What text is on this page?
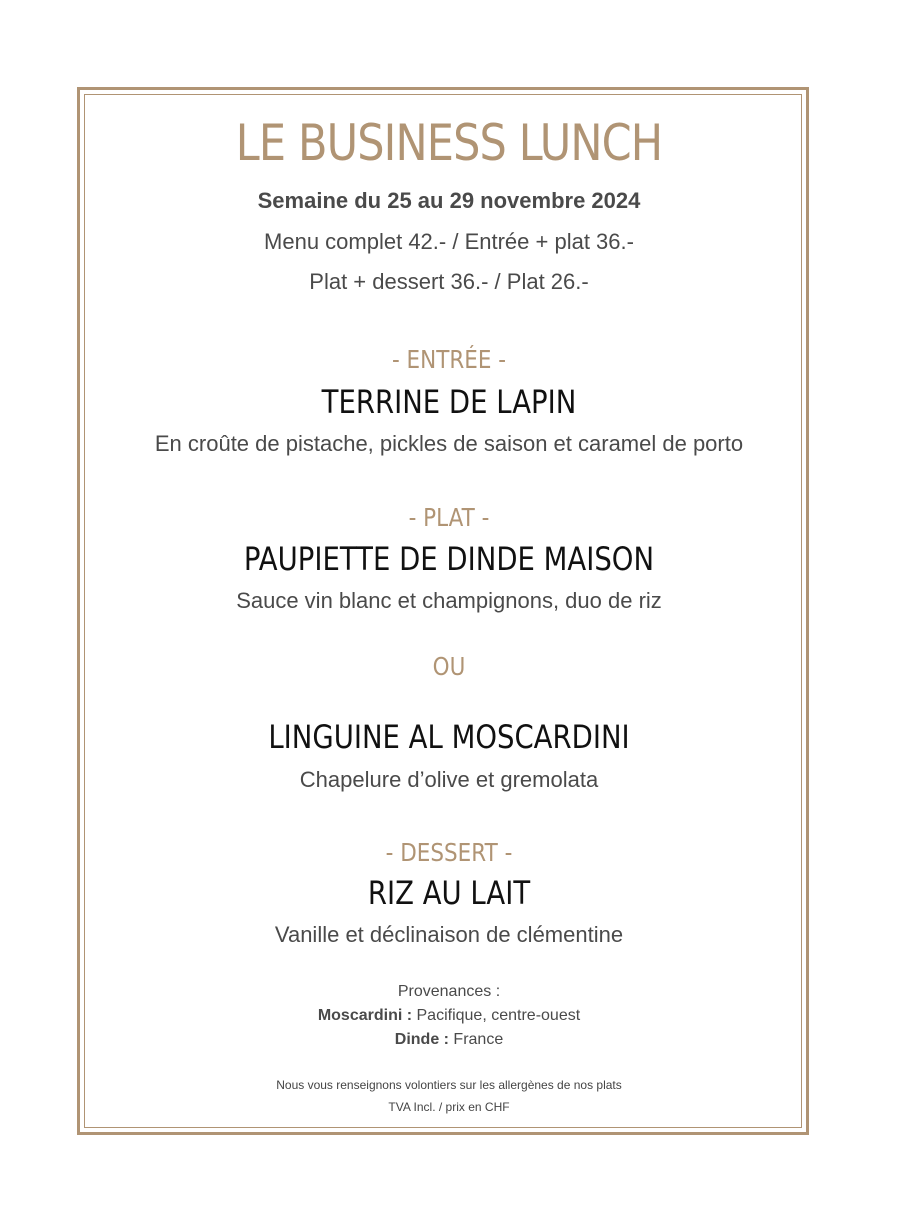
LE BUSINESS LUNCH
Semaine du 25 au 29 novembre 2024
Menu complet 42.- / Entrée + plat 36.-
Plat + dessert 36.- / Plat 26.-
- ENTRÉE -
TERRINE DE LAPIN
En croûte de pistache, pickles de saison et caramel de porto
- PLAT -
PAUPIETTE DE DINDE MAISON
Sauce vin blanc et champignons, duo de riz
OU
LINGUINE AL MOSCARDINI
Chapelure d’olive et gremolata
- DESSERT -
RIZ AU LAIT
Vanille et déclinaison de clémentine
Provenances :
Moscardini : Pacifique, centre-ouest
Dinde : France
Nous vous renseignons volontiers sur les allergènes de nos plats
TVA Incl. / prix en CHF
